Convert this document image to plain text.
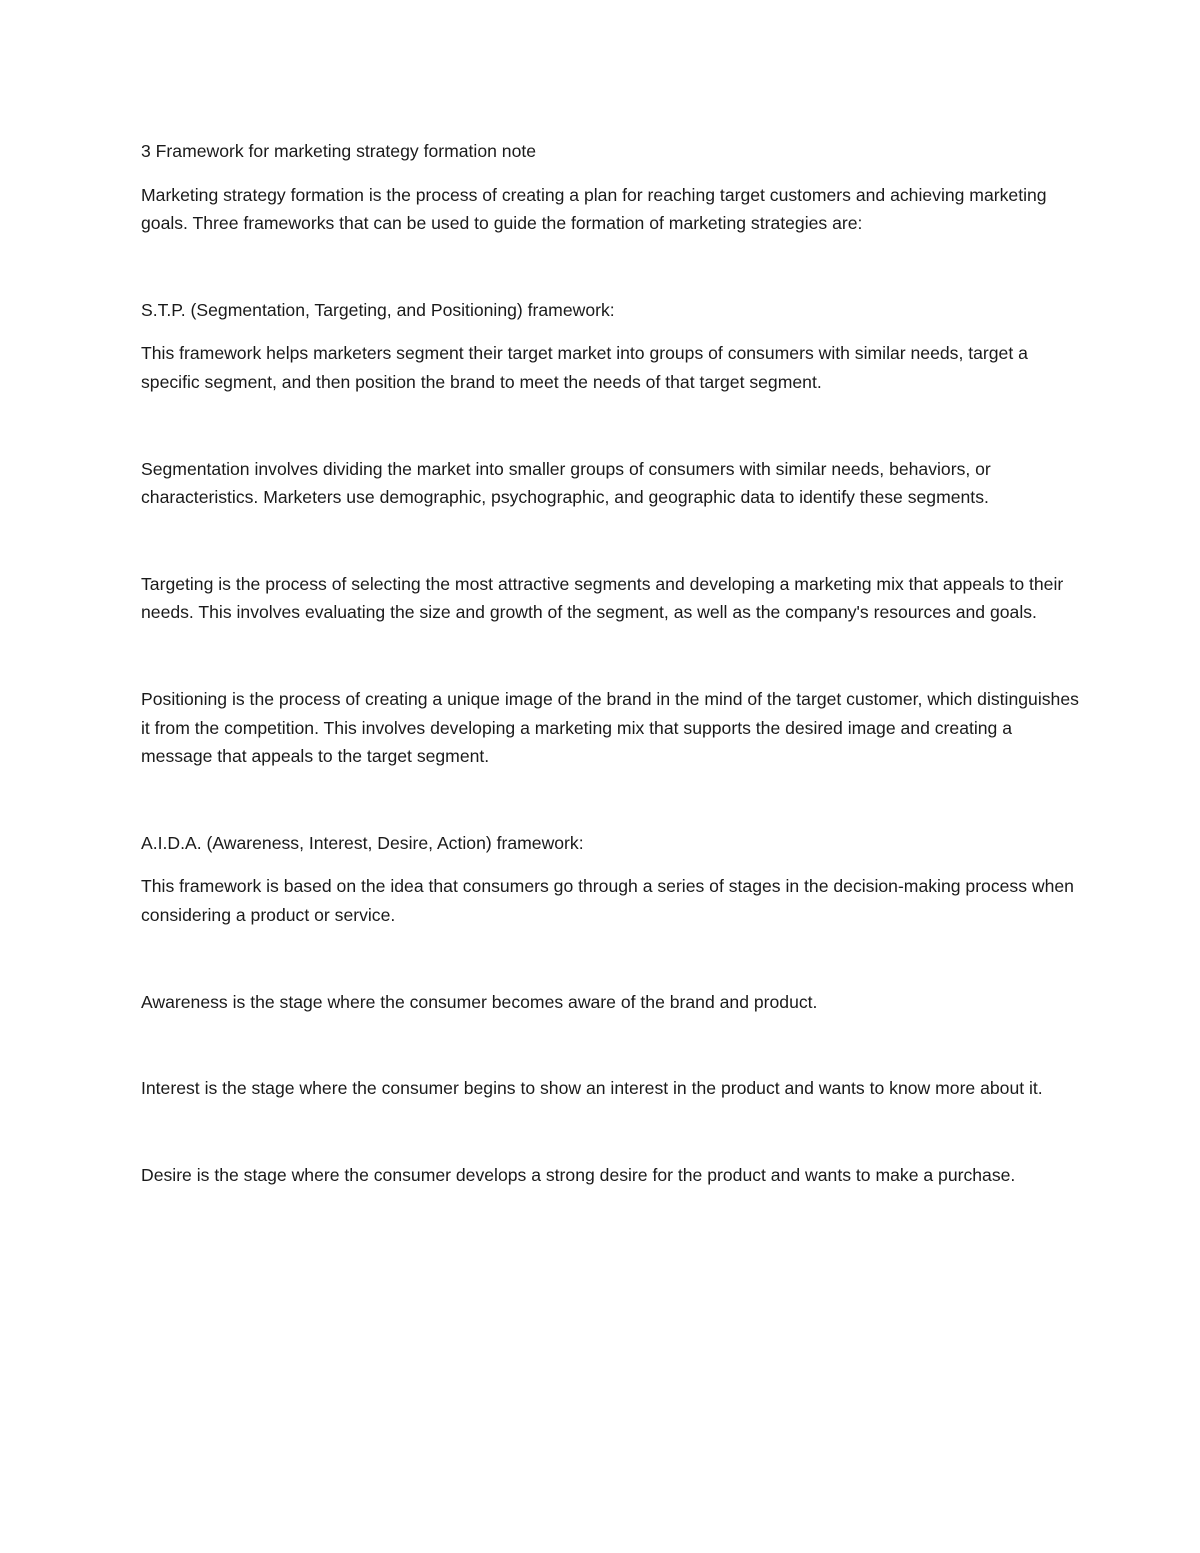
3 Framework for marketing strategy formation note

Marketing strategy formation is the process of creating a plan for reaching target customers and achieving marketing goals. Three frameworks that can be used to guide the formation of marketing strategies are:

S.T.P. (Segmentation, Targeting, and Positioning) framework:

This framework helps marketers segment their target market into groups of consumers with similar needs, target a specific segment, and then position the brand to meet the needs of that target segment.

Segmentation involves dividing the market into smaller groups of consumers with similar needs, behaviors, or characteristics. Marketers use demographic, psychographic, and geographic data to identify these segments.

Targeting is the process of selecting the most attractive segments and developing a marketing mix that appeals to their needs. This involves evaluating the size and growth of the segment, as well as the company's resources and goals.

Positioning is the process of creating a unique image of the brand in the mind of the target customer, which distinguishes it from the competition. This involves developing a marketing mix that supports the desired image and creating a message that appeals to the target segment.

A.I.D.A. (Awareness, Interest, Desire, Action) framework:

This framework is based on the idea that consumers go through a series of stages in the decision-making process when considering a product or service.

Awareness is the stage where the consumer becomes aware of the brand and product.

Interest is the stage where the consumer begins to show an interest in the product and wants to know more about it.

Desire is the stage where the consumer develops a strong desire for the product and wants to make a purchase.
